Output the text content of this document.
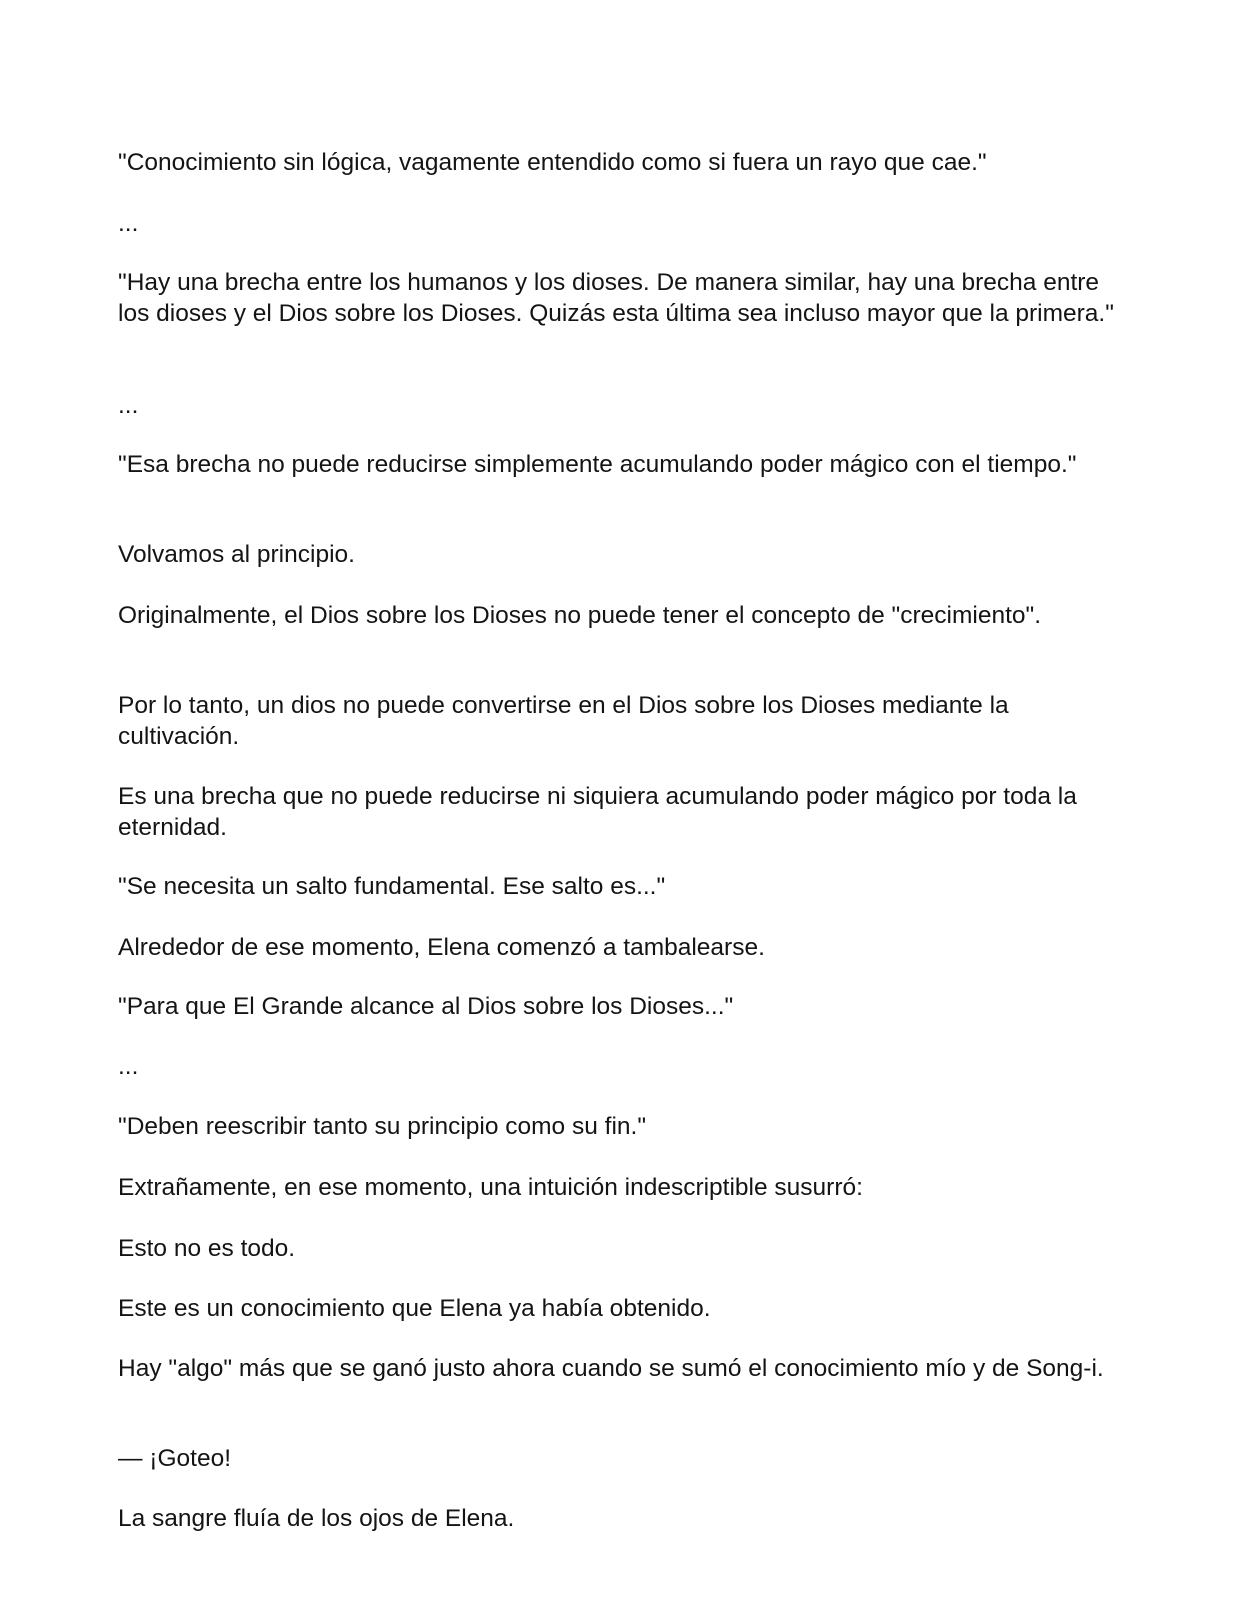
"Conocimiento sin lógica, vagamente entendido como si fuera un rayo que cae."

...

"Hay una brecha entre los humanos y los dioses. De manera similar, hay una brecha entre los dioses y el Dios sobre los Dioses. Quizás esta última sea incluso mayor que la primera."

...

"Esa brecha no puede reducirse simplemente acumulando poder mágico con el tiempo."

Volvamos al principio.

Originalmente, el Dios sobre los Dioses no puede tener el concepto de "crecimiento".

Por lo tanto, un dios no puede convertirse en el Dios sobre los Dioses mediante la cultivación.

Es una brecha que no puede reducirse ni siquiera acumulando poder mágico por toda la eternidad.

"Se necesita un salto fundamental. Ese salto es..."

Alrededor de ese momento, Elena comenzó a tambalearse.

"Para que El Grande alcance al Dios sobre los Dioses..."

...

"Deben reescribir tanto su principio como su fin."

Extrañamente, en ese momento, una intuición indescriptible susurró:

Esto no es todo.

Este es un conocimiento que Elena ya había obtenido.

Hay "algo" más que se ganó justo ahora cuando se sumó el conocimiento mío y de Song-i.

— ¡Goteo!

La sangre fluía de los ojos de Elena.
